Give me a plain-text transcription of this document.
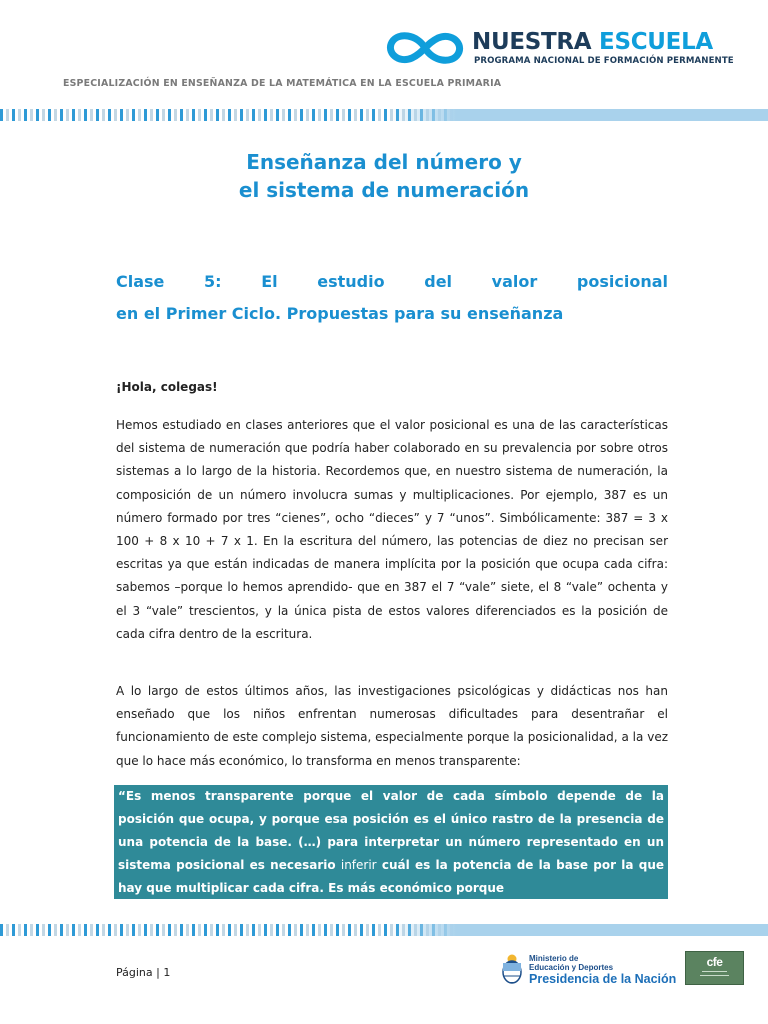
NUESTRA ESCUELA
PROGRAMA NACIONAL DE FORMACIÓN PERMANENTE
ESPECIALIZACIÓN EN ENSEÑANZA DE LA MATEMÁTICA EN LA ESCUELA PRIMARIA
Enseñanza del número y
el sistema de numeración
Clase 5: El estudio del valor posicional
en el Primer Ciclo. Propuestas para su enseñanza
¡Hola, colegas!

Hemos estudiado en clases anteriores que el valor posicional es una de las características del sistema de numeración que podría haber colaborado en su prevalencia por sobre otros sistemas a lo largo de la historia. Recordemos que, en nuestro sistema de numeración, la composición de un número involucra sumas y multiplicaciones. Por ejemplo, 387 es un número formado por tres “cienes”, ocho “dieces” y 7 “unos”. Simbólicamente: 387 = 3 x 100 + 8 x 10 + 7 x 1. En la escritura del número, las potencias de diez no precisan ser escritas ya que están indicadas de manera implícita por la posición que ocupa cada cifra: sabemos –porque lo hemos aprendido- que en 387 el 7 “vale” siete, el 8 “vale” ochenta y el 3 “vale” trescientos, y la única pista de estos valores diferenciados es la posición de cada cifra dentro de la escritura.

A lo largo de estos últimos años, las investigaciones psicológicas y didácticas nos han enseñado que los niños enfrentan numerosas dificultades para desentrañar el funcionamiento de este complejo sistema, especialmente porque la posicionalidad, a la vez que lo hace más económico, lo transforma en menos transparente:

“Es menos transparente porque el valor de cada símbolo depende de la posición que ocupa, y porque esa posición es el único rastro de la presencia de una potencia de la base. (…) para interpretar un número representado en un sistema posicional es necesario inferir cuál es la potencia de la base por la que hay que multiplicar cada cifra. Es más económico porque

Página | 1
Ministerio de
Educación y Deportes
Presidencia de la Nación
cfe
